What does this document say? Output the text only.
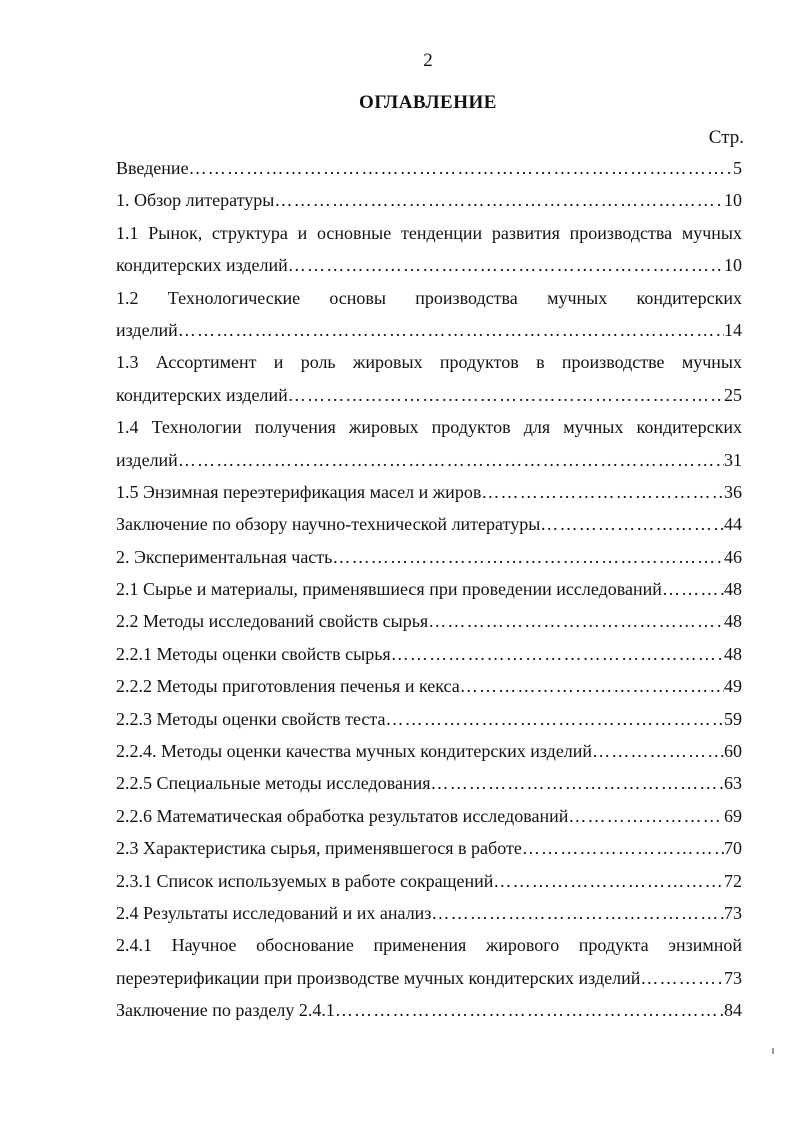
2
ОГЛАВЛЕНИЕ
Стр.
Введение ………………………………………………………………………………………………………………………………………………………………………………………………………………	5
1. Обзор литературы ………………………………………………………………………………………………………………………………………………………………………………………………………………	10
1.1 Рынок, структура и основные тенденции развития производства мучных
кондитерских изделий ………………………………………………………………………………………………………………………………………………………………………………………………………………	10
1.2 Технологические основы производства мучных кондитерских
изделий ………………………………………………………………………………………………………………………………………………………………………………………………………………	14
1.3 Ассортимент и роль жировых продуктов в производстве мучных
кондитерских изделий ………………………………………………………………………………………………………………………………………………………………………………………………………………	25
1.4 Технологии получения жировых продуктов для мучных кондитерских
изделий ………………………………………………………………………………………………………………………………………………………………………………………………………………	31
1.5 Энзимная переэтерификация масел и жиров ………………………………………………………………………………………………………………………………………………………………………………………………………………	36
Заключение по обзору научно-технической литературы ………………………………………………………………………………………………………………………………………………………………………………………………………………	44
2. Экспериментальная часть ………………………………………………………………………………………………………………………………………………………………………………………………………………	46
2.1 Сырье и материалы, применявшиеся при проведении исследований ………………………………………………………………………………………………………………………………………………………………………………………………………………	48
2.2 Методы исследований свойств сырья ………………………………………………………………………………………………………………………………………………………………………………………………………………	48
2.2.1 Методы оценки свойств сырья ………………………………………………………………………………………………………………………………………………………………………………………………………………	48
2.2.2 Методы приготовления печенья и кекса ………………………………………………………………………………………………………………………………………………………………………………………………………………	49
2.2.3 Методы оценки свойств теста ………………………………………………………………………………………………………………………………………………………………………………………………………………	59
2.2.4. Методы оценки качества мучных кондитерских изделий ………………………………………………………………………………………………………………………………………………………………………………………………………………	60
2.2.5 Специальные методы исследования ………………………………………………………………………………………………………………………………………………………………………………………………………………	63
2.2.6 Математическая обработка результатов исследований ………………………………………………………………………………………………………………………………………………………………………………………………………………	69
2.3 Характеристика сырья, применявшегося в работе ………………………………………………………………………………………………………………………………………………………………………………………………………………	70
2.3.1 Список используемых в работе сокращений ………………………………………………………………………………………………………………………………………………………………………………………………………………	72
2.4 Результаты исследований и их анализ ………………………………………………………………………………………………………………………………………………………………………………………………………………	73
2.4.1 Научное обоснование применения жирового продукта энзимной
переэтерификации при производстве мучных кондитерских изделий ………………………………………………………………………………………………………………………………………………………………………………………………………………	73
Заключение по разделу 2.4.1 ………………………………………………………………………………………………………………………………………………………………………………………………………………	84
